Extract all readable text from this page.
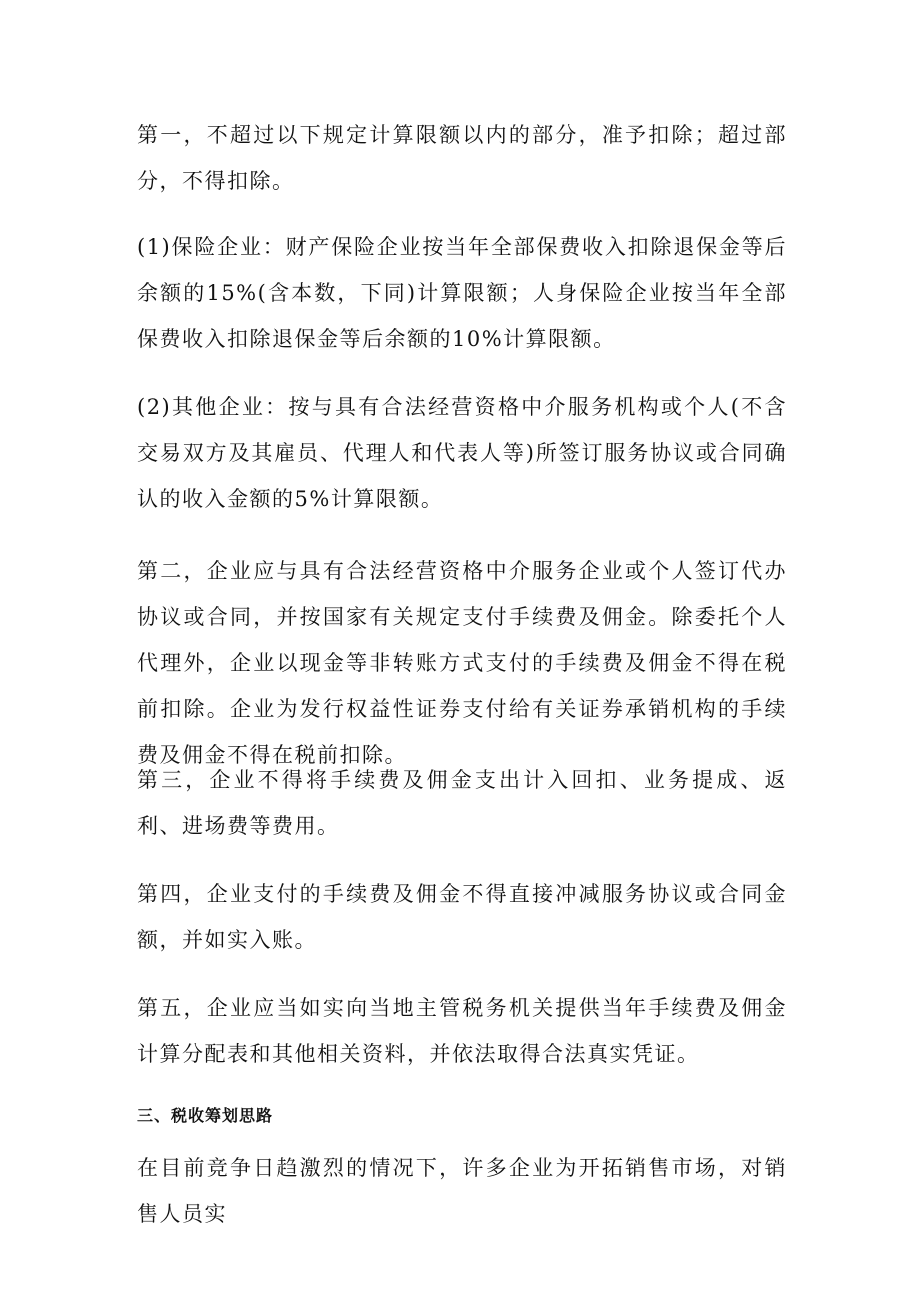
第一，不超过以下规定计算限额以内的部分，准予扣除；超过部分，不得扣除。

(1)保险企业：财产保险企业按当年全部保费收入扣除退保金等后余额的15%(含本数，下同)计算限额；人身保险企业按当年全部保费收入扣除退保金等后余额的10%计算限额。

(2)其他企业：按与具有合法经营资格中介服务机构或个人(不含交易双方及其雇员、代理人和代表人等)所签订服务协议或合同确认的收入金额的5%计算限额。

第二，企业应与具有合法经营资格中介服务企业或个人签订代办协议或合同，并按国家有关规定支付手续费及佣金。除委托个人代理外，企业以现金等非转账方式支付的手续费及佣金不得在税前扣除。企业为发行权益性证券支付给有关证券承销机构的手续费及佣金不得在税前扣除。

第三，企业不得将手续费及佣金支出计入回扣、业务提成、返利、进场费等费用。

第四，企业支付的手续费及佣金不得直接冲减服务协议或合同金额，并如实入账。

第五，企业应当如实向当地主管税务机关提供当年手续费及佣金计算分配表和其他相关资料，并依法取得合法真实凭证。

三、税收筹划思路

在目前竞争日趋激烈的情况下，许多企业为开拓销售市场，对销售人员实
